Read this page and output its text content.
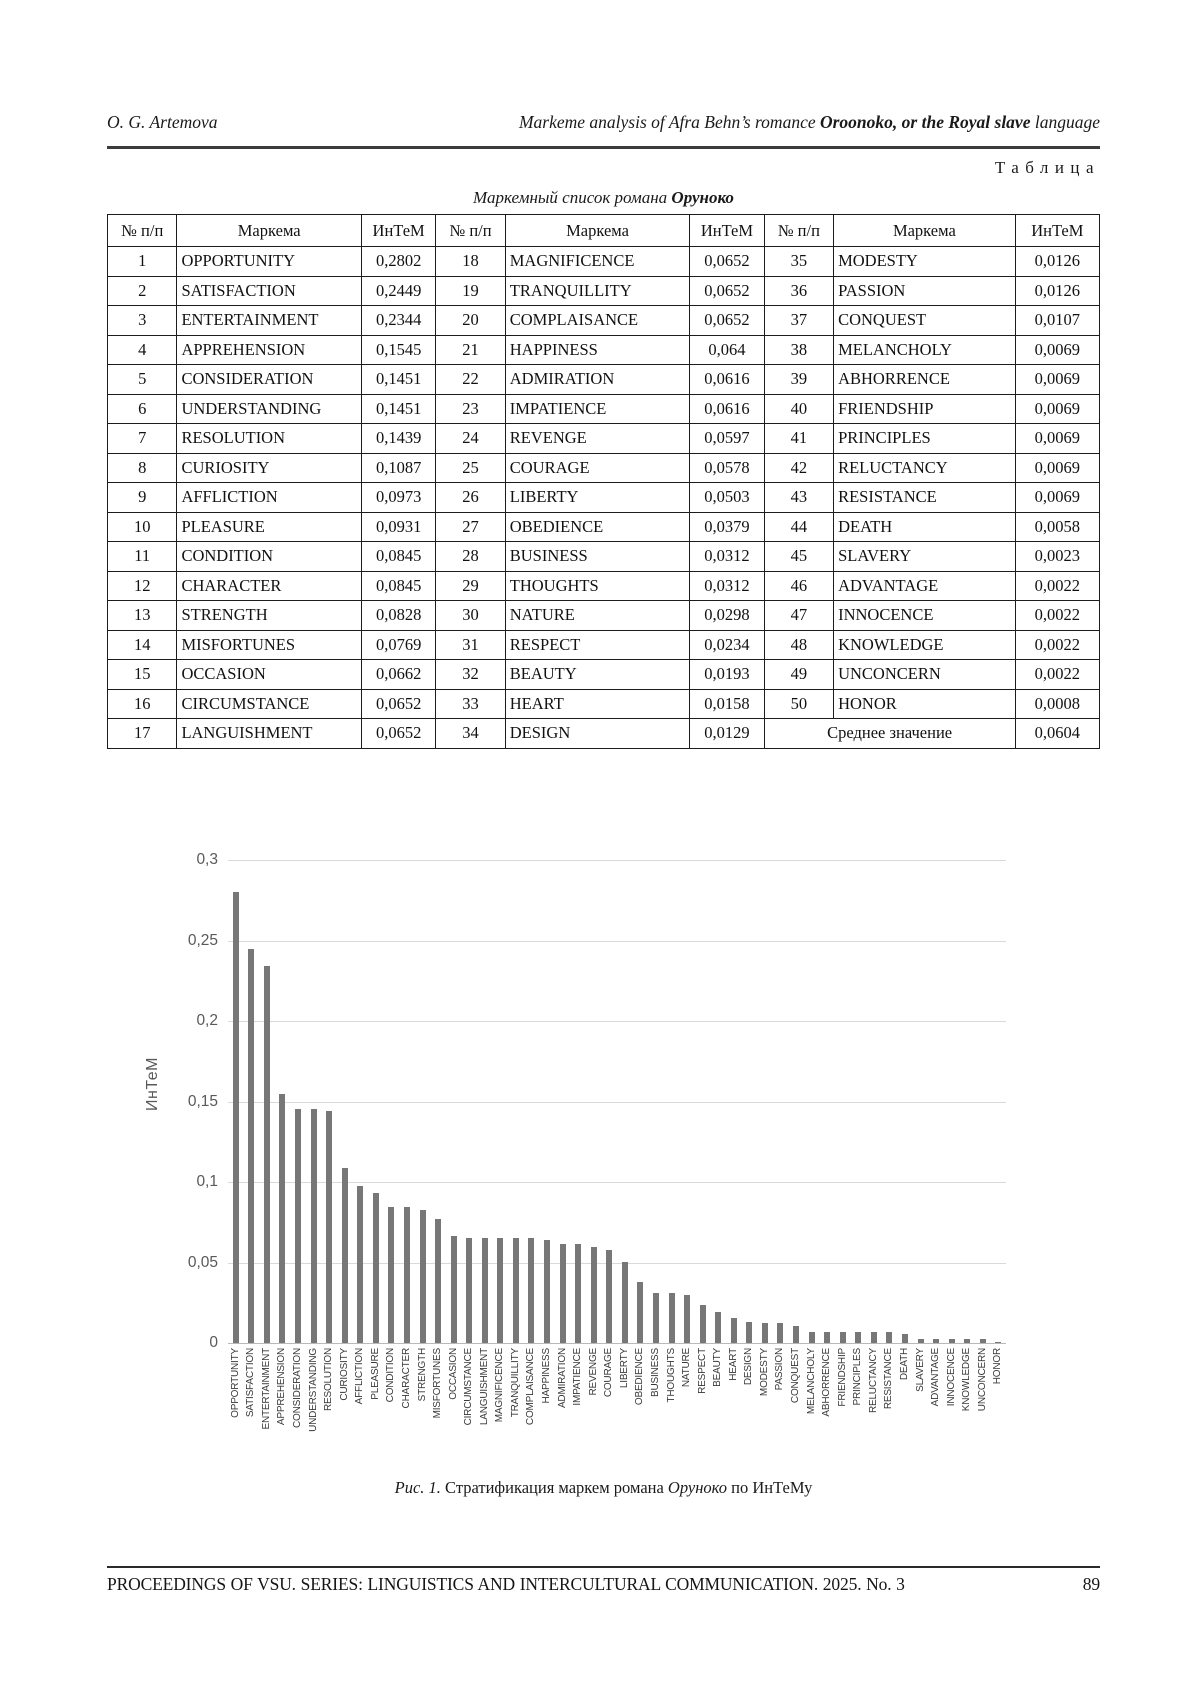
O. G. Artemova	Markeme analysis of Afra Behn’s romance Oroonoko, or the Royal slave language
Таблица
Маркемный список романа Оруноко
№ п/п	Маркема	ИнТеМ	№ п/п	Маркема	ИнТеМ	№ п/п	Маркема	ИнТеМ
1	OPPORTUNITY	0,2802	18	MAGNIFICENCE	0,0652	35	MODESTY	0,0126
2	SATISFACTION	0,2449	19	TRANQUILLITY	0,0652	36	PASSION	0,0126
3	ENTERTAINMENT	0,2344	20	COMPLAISANCE	0,0652	37	CONQUEST	0,0107
4	APPREHENSION	0,1545	21	HAPPINESS	0,064	38	MELANCHOLY	0,0069
5	CONSIDERATION	0,1451	22	ADMIRATION	0,0616	39	ABHORRENCE	0,0069
6	UNDERSTANDING	0,1451	23	IMPATIENCE	0,0616	40	FRIENDSHIP	0,0069
7	RESOLUTION	0,1439	24	REVENGE	0,0597	41	PRINCIPLES	0,0069
8	CURIOSITY	0,1087	25	COURAGE	0,0578	42	RELUCTANCY	0,0069
9	AFFLICTION	0,0973	26	LIBERTY	0,0503	43	RESISTANCE	0,0069
10	PLEASURE	0,0931	27	OBEDIENCE	0,0379	44	DEATH	0,0058
11	CONDITION	0,0845	28	BUSINESS	0,0312	45	SLAVERY	0,0023
12	CHARACTER	0,0845	29	THOUGHTS	0,0312	46	ADVANTAGE	0,0022
13	STRENGTH	0,0828	30	NATURE	0,0298	47	INNOCENCE	0,0022
14	MISFORTUNES	0,0769	31	RESPECT	0,0234	48	KNOWLEDGE	0,0022
15	OCCASION	0,0662	32	BEAUTY	0,0193	49	UNCONCERN	0,0022
16	CIRCUMSTANCE	0,0652	33	HEART	0,0158	50	HONOR	0,0008
17	LANGUISHMENT	0,0652	34	DESIGN	0,0129	Среднее значение		0,0604
ИнТеМ
0,3
0,25
0,2
0,15
0,1
0,05
0
OPPORTUNITY SATISFACTION ENTERTAINMENT APPREHENSION CONSIDERATION UNDERSTANDING RESOLUTION CURIOSITY AFFLICTION PLEASURE CONDITION CHARACTER STRENGTH MISFORTUNES OCCASION CIRCUMSTANCE LANGUISHMENT MAGNIFICENCE TRANQUILLITY COMPLAISANCE HAPPINESS ADMIRATION IMPATIENCE REVENGE COURAGE LIBERTY OBEDIENCE BUSINESS THOUGHTS NATURE RESPECT BEAUTY HEART DESIGN MODESTY PASSION CONQUEST MELANCHOLY ABHORRENCE FRIENDSHIP PRINCIPLES RELUCTANCY RESISTANCE DEATH SLAVERY ADVANTAGE INNOCENCE KNOWLEDGE UNCONCERN HONOR
Рис. 1. Стратификация маркем романа Оруноко по ИнТеМу
PROCEEDINGS OF VSU. SERIES: LINGUISTICS AND INTERCULTURAL COMMUNICATION. 2025. No. 3	89
